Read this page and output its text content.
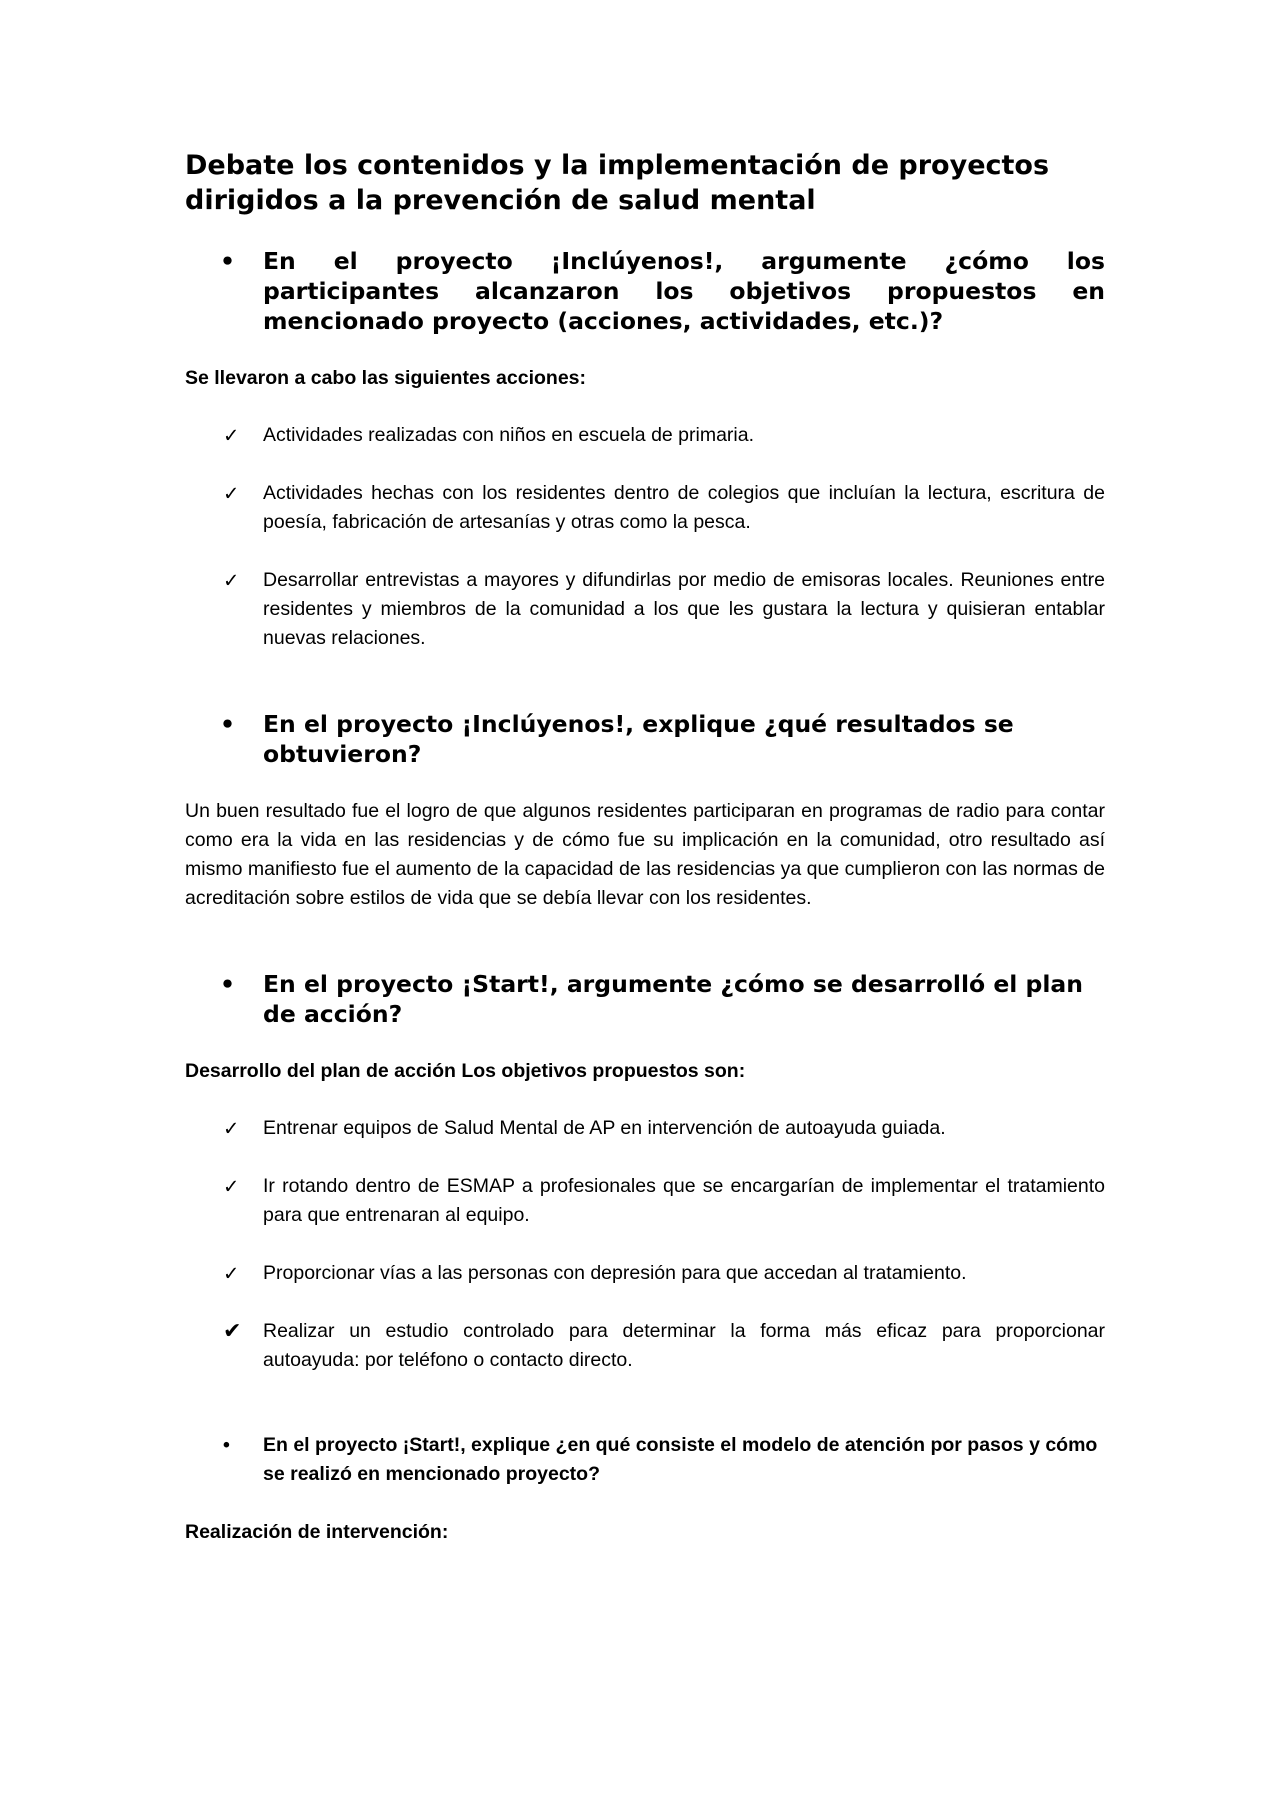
Debate los contenidos y la implementación de proyectos dirigidos a la prevención de salud mental
•	En el proyecto ¡Inclúyenos!, argumente ¿cómo los participantes alcanzaron los objetivos propuestos en mencionado proyecto (acciones, actividades, etc.)?

Se llevaron a cabo las siguientes acciones:

✓	Actividades realizadas con niños en escuela de primaria.
✓	Actividades hechas con los residentes dentro de colegios que incluían la lectura, escritura de poesía, fabricación de artesanías y otras como la pesca.
✓	Desarrollar entrevistas a mayores y difundirlas por medio de emisoras locales. Reuniones entre residentes y miembros de la comunidad a los que les gustara la lectura y quisieran entablar nuevas relaciones.
•	En el proyecto ¡Inclúyenos!, explique ¿qué resultados se obtuvieron?

Un buen resultado fue el logro de que algunos residentes participaran en programas de radio para contar como era la vida en las residencias y de cómo fue su implicación en la comunidad, otro resultado así mismo manifiesto fue el aumento de la capacidad de las residencias ya que cumplieron con las normas de acreditación sobre estilos de vida que se debía llevar con los residentes.

•	En el proyecto ¡Start!, argumente ¿cómo se desarrolló el plan de acción?

Desarrollo del plan de acción Los objetivos propuestos son:

✓	Entrenar equipos de Salud Mental de AP en intervención de autoayuda guiada.
✓	Ir rotando dentro de ESMAP a profesionales que se encargarían de implementar el tratamiento para que entrenaran al equipo.
✓	Proporcionar vías a las personas con depresión para que accedan al tratamiento.
✔	Realizar un estudio controlado para determinar la forma más eficaz para proporcionar autoayuda: por teléfono o contacto directo.
•	En el proyecto ¡Start!, explique ¿en qué consiste el modelo de atención por pasos y cómo se realizó en mencionado proyecto?

Realización de intervención:
